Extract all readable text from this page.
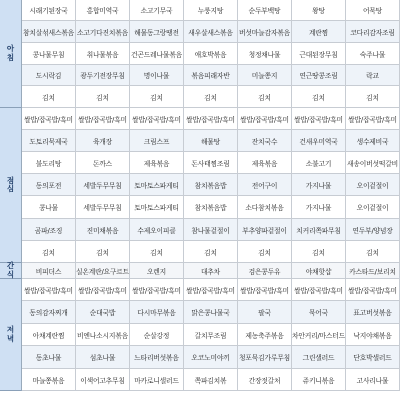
아
침
시래기된장국	홍합미역국	소고기무국	누룽지탕	순두부백탕	왕탕	어묵탕
참치살섞새스볶음 소고기다진치볶음 해물동그랑땡전	새우살새스볶음 버섯마늘감자볶음	계란찜	코다리감자조림
콩나물무침	취나물볶음	건곤드레나물볶음	애호박볶음	청정채나물	근대된장무침	숙주나물
도시락김	광두기전장무침	명이나물	볶음피래자반	미늘쫑지	연근땅콩조림	락교
김치	김치	김치	김치	김치	김치	김치
점
심
쌀밥/잡곡밥/흑미 쌀밥/잡곡밥/흑미 쌀밥/잡곡밥/흑미 쌀밥/잡곡밥/흑미 쌀밥/잡곡밥/흑미 쌀밥/잡곡밥/흑미 쌀밥/잡곡밥/흑미
도토리묵제국	육개장	크림스프	해물탕	잔치국수	건새우미역국	생수제비국
불도리탕	돈까스	제육볶음	돈사태찜조림	제육볶음	소불고기	새송이버섯떡갈비
동의포전	세발두무무침	토마토스파게티	참치볶음밥	전어구이	가지나물	오이겉절이
콩나물	세발두무무침	토마토스파게티	참치볶음밥	소다참치볶음	가지나물	오이겉절이
곰파/조징	진미채볶음	수제오이피클	참나물겉절이	부추양파겉절이	치커리쪽파무침	연두부/양념장
김치	김치	김치	김치	김치	김치	김치
간
식	비피더스	실온계란/요구르트	오렌지	대추차	검은콩두유	야채핫샵	카스타드/보리치
저
녁
쌀밥/잡곡밥/흑미 쌀밥/잡곡밥/흑미 쌀밥/잡곡밥/흑미 쌀밥/잡곡밥/흑미 쌀밥/잡곡밥/흑미 쌀밥/잡곡밥/흑미 쌀밥/잡곡밥/흑미
동의감자찌개	순대국밥	다시마무볶음	맑은콩나물국	팔국	묵어국	표고버섯볶음
아채계란찜	비엔나소시지볶음	순살강정	갈치무조림	제농축주볶음	차안커리/마스터드	낙지야채볶음
동초나물	섬초나물	느타리버섯볶음	오코노미야끼	청포묵김가루무침	그린샐러드	단호박샐러드
마늘쫑볶음	이색어고추무침	마카로니샐러드	쪽파김치볶	간장젓갈처	쥬키니볶음	고사리나물
